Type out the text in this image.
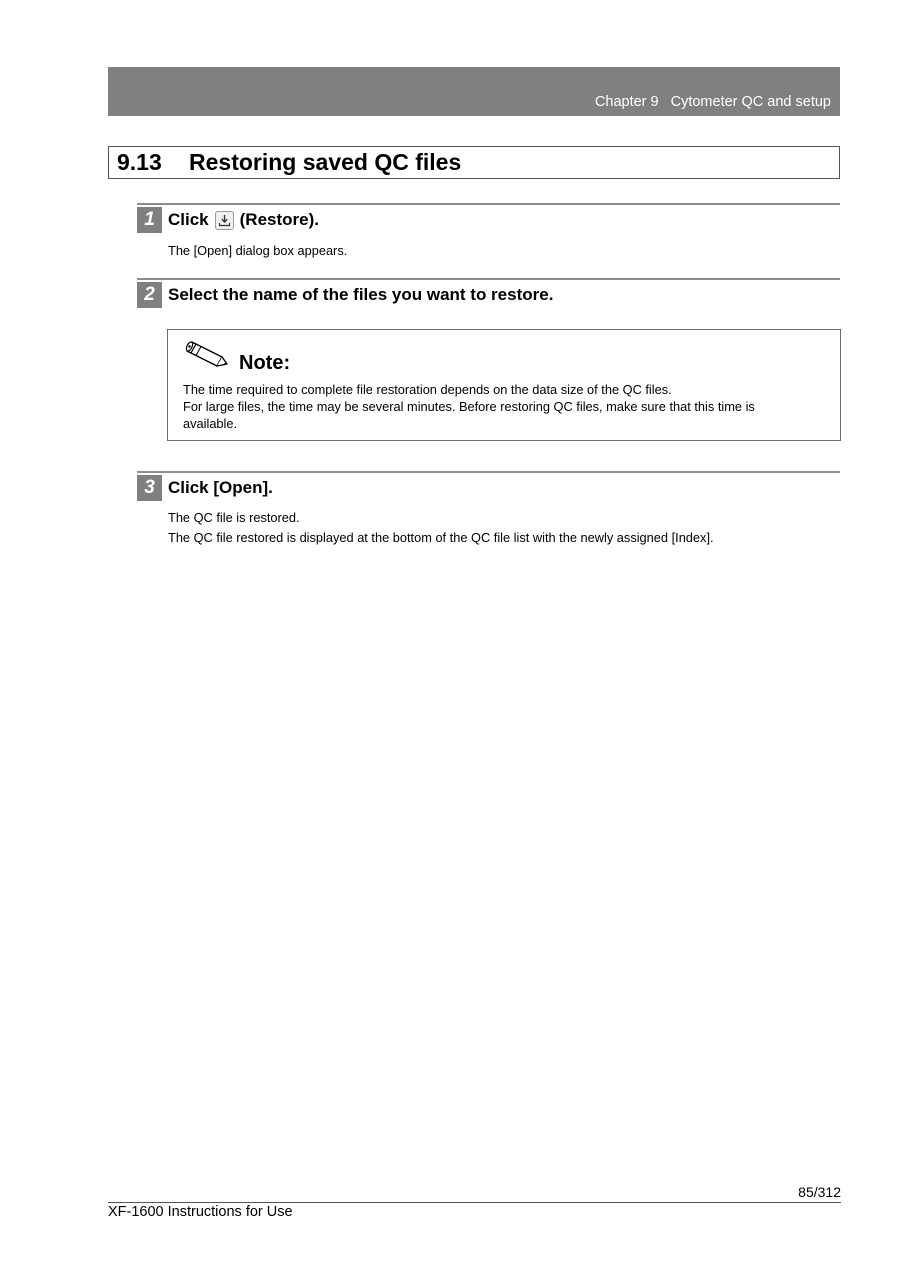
Chapter 9 Cytometer QC and setup
9.13	Restoring saved QC files
1 Click (Restore).
The [Open] dialog box appears.
2 Select the name of the files you want to restore.
Note:
The time required to complete file restoration depends on the data size of the QC files.
For large files, the time may be several minutes. Before restoring QC files, make sure that this time is
available.
3 Click [Open].
The QC file is restored.
The QC file restored is displayed at the bottom of the QC file list with the newly assigned [Index].
85/312
XF-1600 Instructions for Use
